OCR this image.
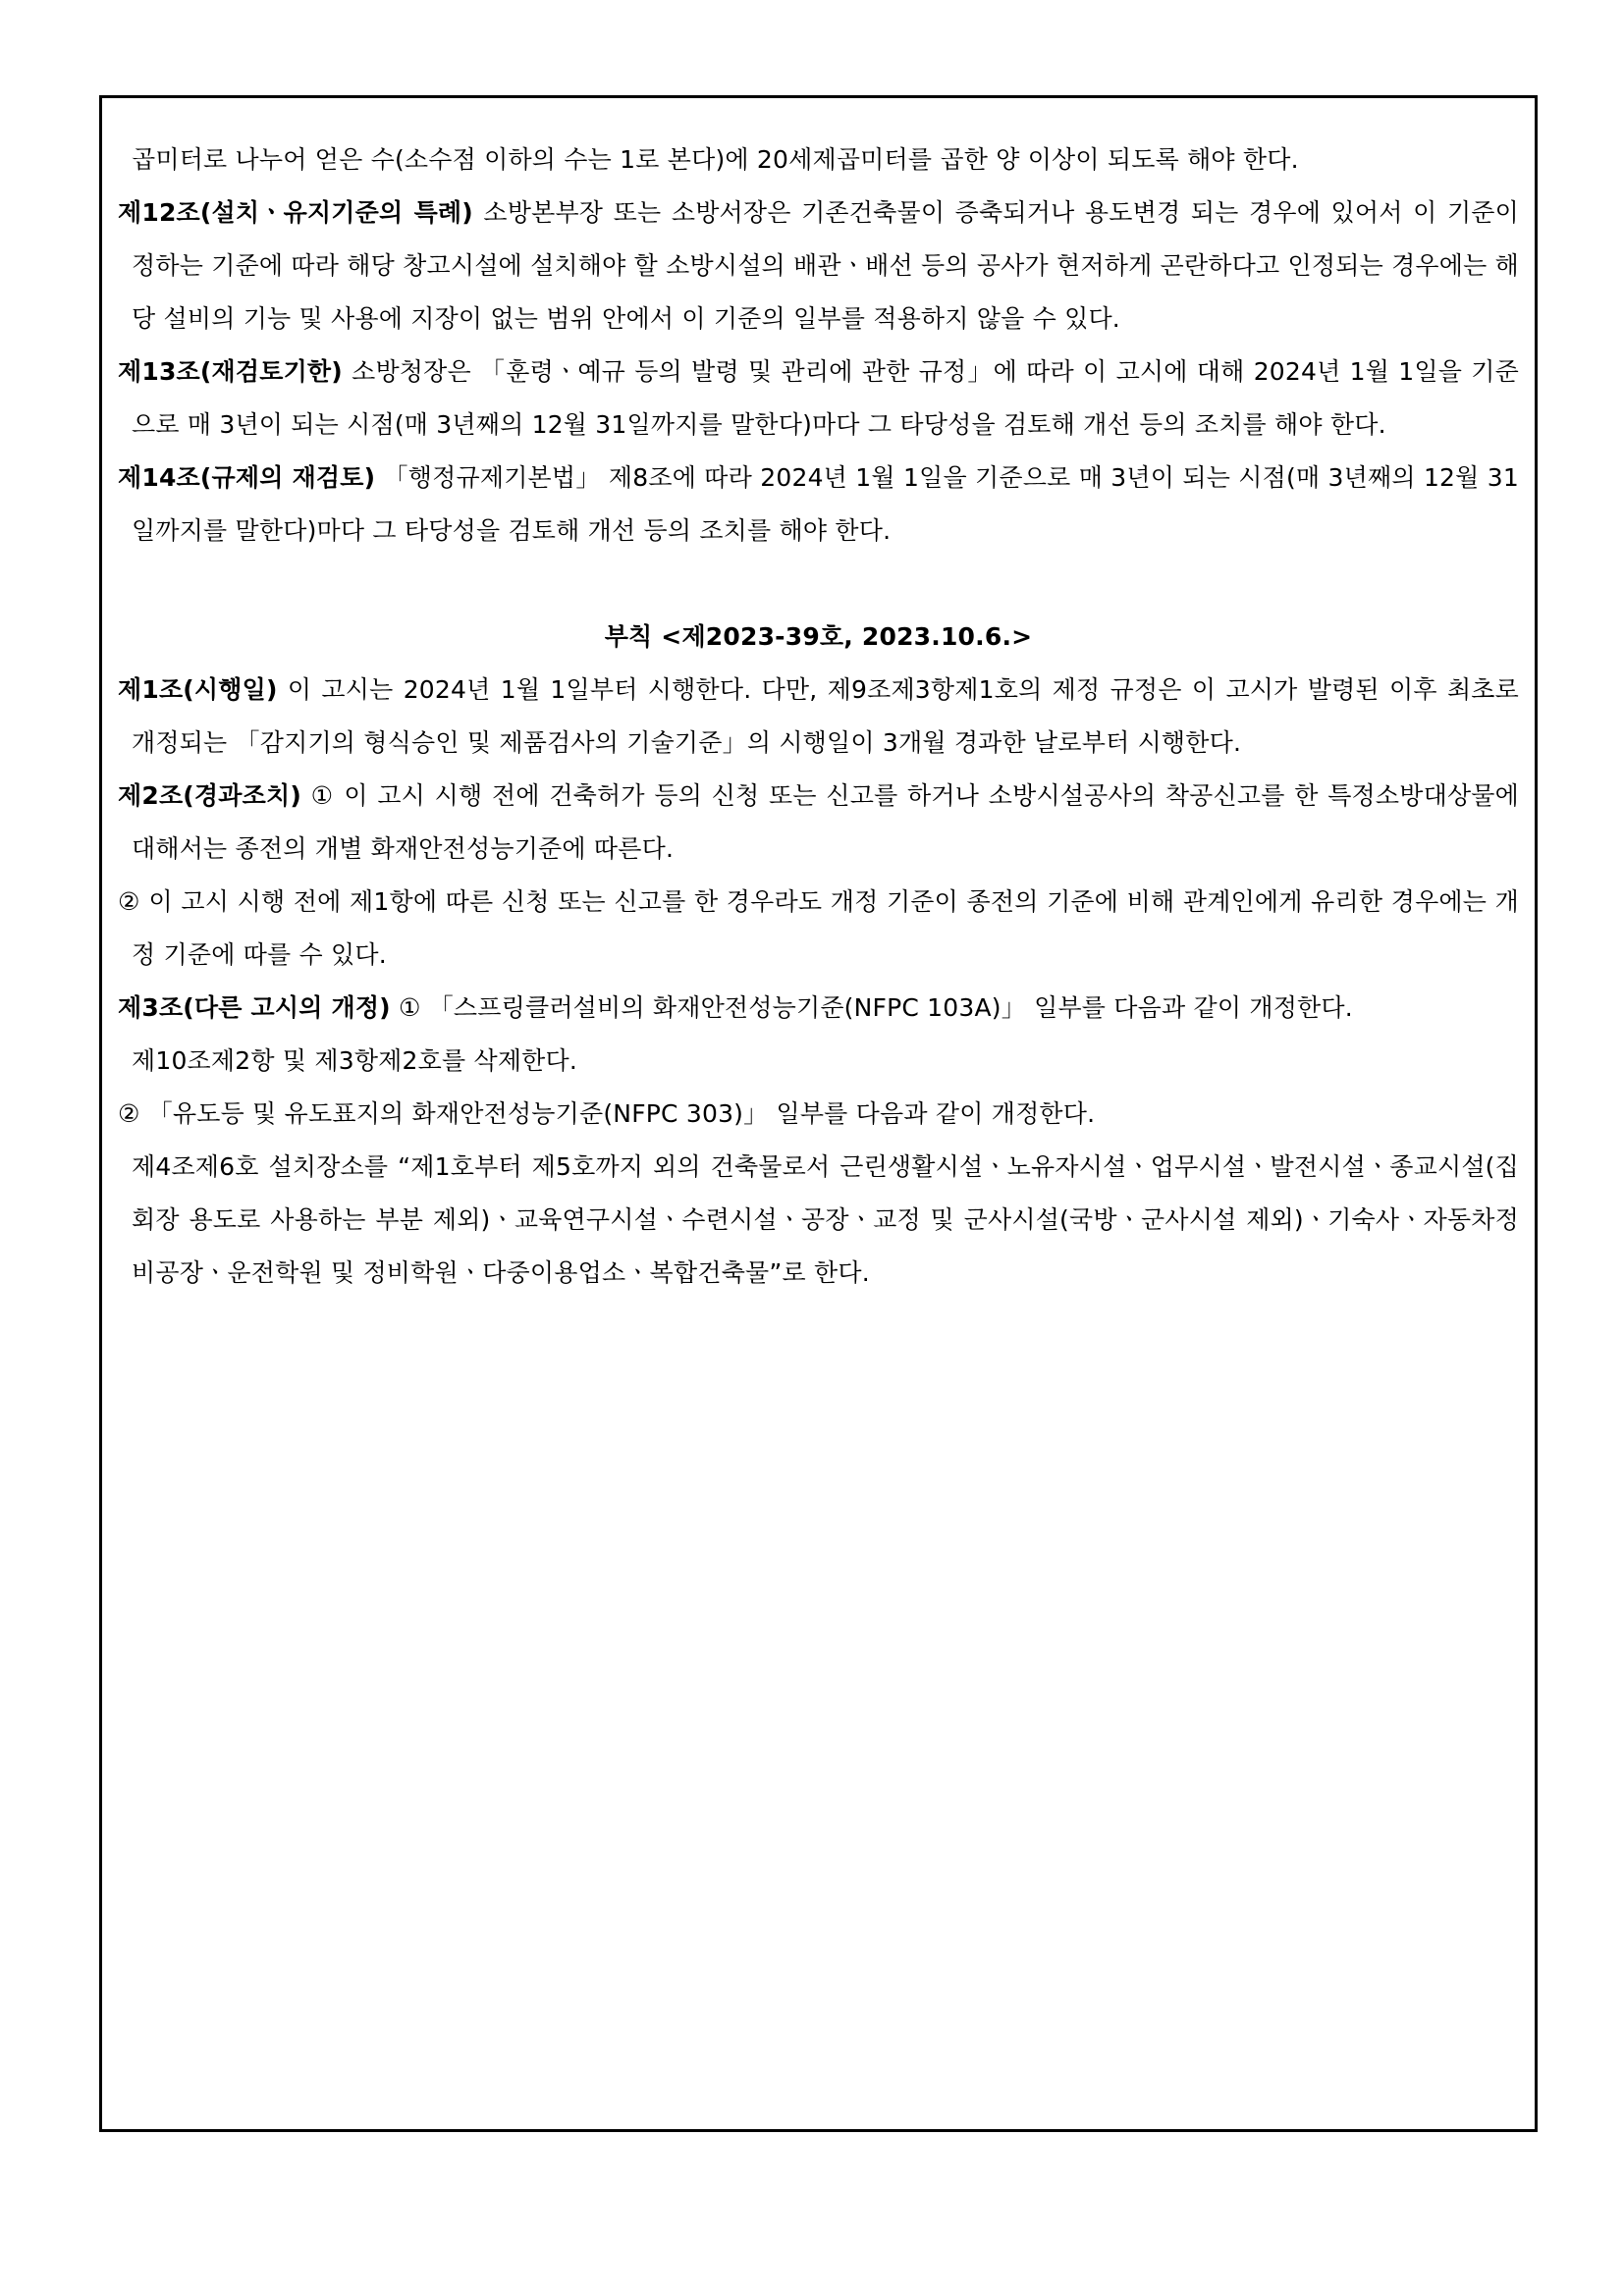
곱미터로 나누어 얻은 수(소수점 이하의 수는 1로 본다)에 20세제곱미터를 곱한 양 이상이 되도록 해야 한다.

제12조(설치ㆍ유지기준의 특례) 소방본부장 또는 소방서장은 기존건축물이 증축되거나 용도변경 되는 경우에 있어서 이 기준이 정하는 기준에 따라 해당 창고시설에 설치해야 할 소방시설의 배관ㆍ배선 등의 공사가 현저하게 곤란하다고 인정되는 경우에는 해당 설비의 기능 및 사용에 지장이 없는 범위 안에서 이 기준의 일부를 적용하지 않을 수 있다.

제13조(재검토기한) 소방청장은 「훈령ㆍ예규 등의 발령 및 관리에 관한 규정」에 따라 이 고시에 대해 2024년 1월 1일을 기준으로 매 3년이 되는 시점(매 3년째의 12월 31일까지를 말한다)마다 그 타당성을 검토해 개선 등의 조치를 해야 한다.

제14조(규제의 재검토) 「행정규제기본법」 제8조에 따라 2024년 1월 1일을 기준으로 매 3년이 되는 시점(매 3년째의 12월 31일까지를 말한다)마다 그 타당성을 검토해 개선 등의 조치를 해야 한다.

부칙 <제2023-39호, 2023.10.6.>

제1조(시행일) 이 고시는 2024년 1월 1일부터 시행한다. 다만, 제9조제3항제1호의 제정 규정은 이 고시가 발령된 이후 최초로 개정되는 「감지기의 형식승인 및 제품검사의 기술기준」의 시행일이 3개월 경과한 날로부터 시행한다.

제2조(경과조치) ① 이 고시 시행 전에 건축허가 등의 신청 또는 신고를 하거나 소방시설공사의 착공신고를 한 특정소방대상물에 대해서는 종전의 개별 화재안전성능기준에 따른다.

② 이 고시 시행 전에 제1항에 따른 신청 또는 신고를 한 경우라도 개정 기준이 종전의 기준에 비해 관계인에게 유리한 경우에는 개정 기준에 따를 수 있다.

제3조(다른 고시의 개정) ① 「스프링클러설비의 화재안전성능기준(NFPC 103A)」 일부를 다음과 같이 개정한다.

제10조제2항 및 제3항제2호를 삭제한다.

② 「유도등 및 유도표지의 화재안전성능기준(NFPC 303)」 일부를 다음과 같이 개정한다.

제4조제6호 설치장소를 “제1호부터 제5호까지 외의 건축물로서 근린생활시설ㆍ노유자시설ㆍ업무시설ㆍ발전시설ㆍ종교시설(집회장 용도로 사용하는 부분 제외)ㆍ교육연구시설ㆍ수련시설ㆍ공장ㆍ교정 및 군사시설(국방ㆍ군사시설 제외)ㆍ기숙사ㆍ자동차정비공장ㆍ운전학원 및 정비학원ㆍ다중이용업소ㆍ복합건축물”로 한다.
